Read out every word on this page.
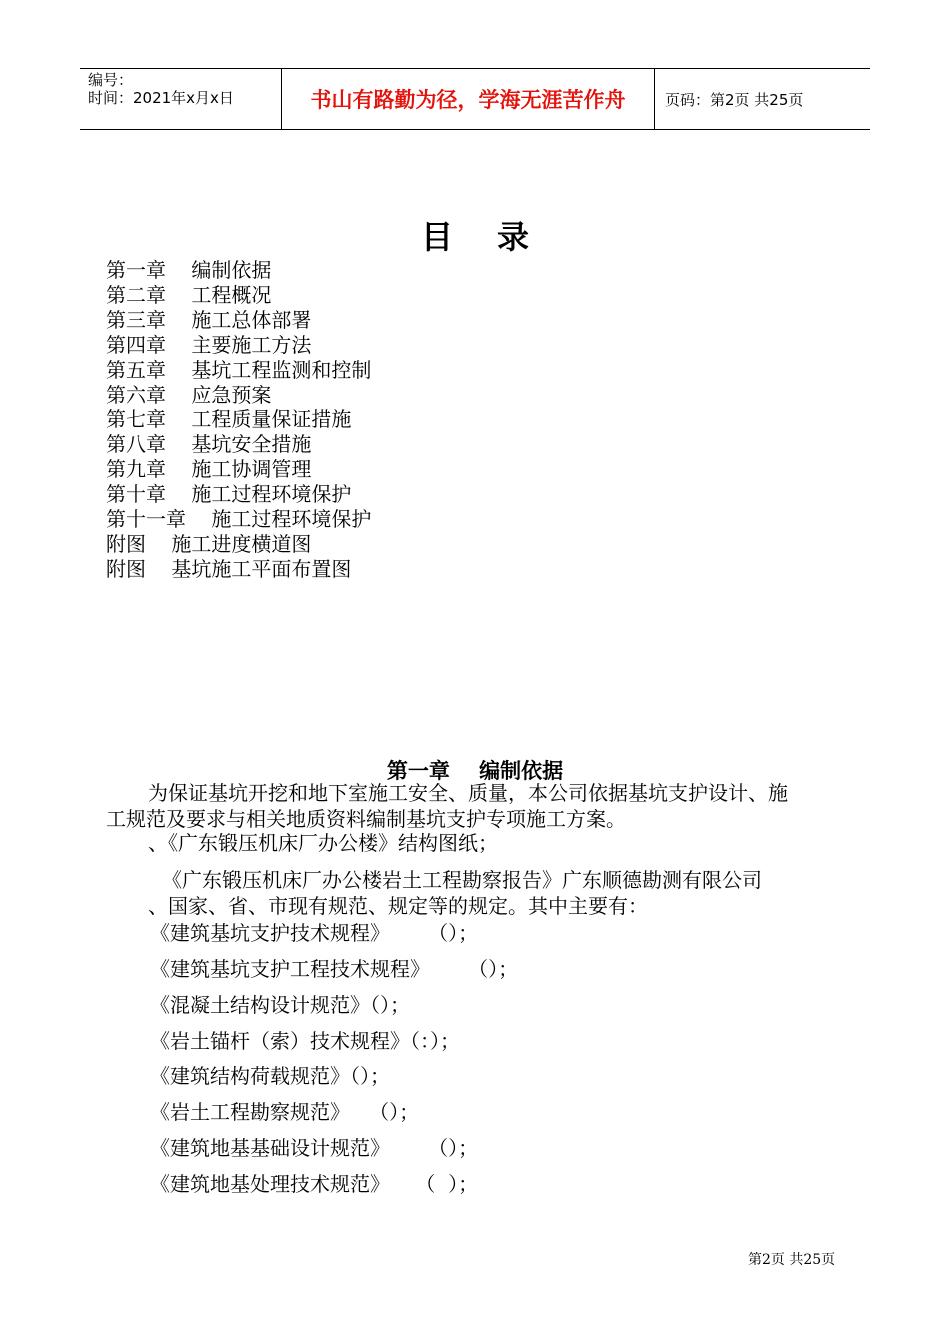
编号：
时间：2021年x月x日	书山有路勤为径，学海无涯苦作舟	页码：第2页 共25页
目录
第一章    编制依据
第二章    工程概况
第三章    施工总体部署
第四章    主要施工方法
第五章    基坑工程监测和控制
第六章    应急预案
第七章    工程质量保证措施
第八章    基坑安全措施
第九章    施工协调管理
第十章    施工过程环境保护
第十一章    施工过程环境保护
附图    施工进度横道图
附图    基坑施工平面布置图
第一章    编制依据
为保证基坑开挖和地下室施工安全、质量，本公司依据基坑支护设计、施
工规范及要求与相关地质资料编制基坑支护专项施工方案。
、《广东锻压机床厂办公楼》结构图纸；
《广东锻压机床厂办公楼岩土工程勘察报告》广东顺德勘测有限公司
、国家、省、市现有规范、规定等的规定。其中主要有：
《建筑基坑支护技术规程》      （）；
《建筑基坑支护工程技术规程》      （）；
《混凝土结构设计规范》（）；
《岩土锚杆（索）技术规程》（：）；
《建筑结构荷载规范》（）；
《岩土工程勘察规范》   （）；
《建筑地基基础设计规范》      （）；
《建筑地基处理技术规范》    （  ）；
第2页 共25页
